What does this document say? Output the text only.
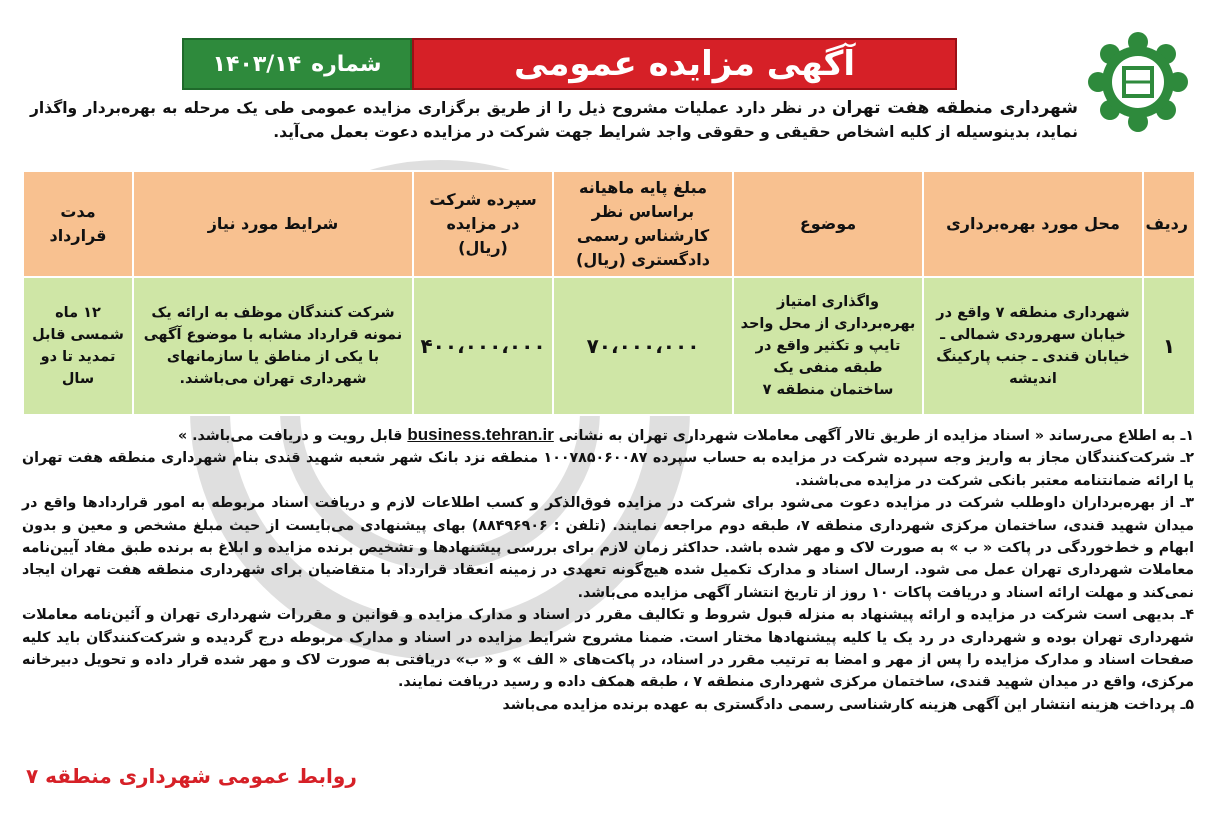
آگهی مزایده عمومی
شماره
۱۴۰۳/۱۴
شهرداری منطقه هفت تهران در نظر دارد عملیات مشروح ذیل را از طریق برگزاری مزایده عمومی طی یک مرحله به بهره‌بردار واگذار نماید، بدینوسیله از کلیه اشخاص حقیقی و حقوقی واجد شرایط جهت شرکت در مزایده دعوت بعمل می‌آید.
ردیف	محل مورد بهره‌برداری	موضوع	مبلغ پایه ماهیانه براساس نظر کارشناس رسمی دادگستری (ریال)	سپرده شرکت در مزایده (ریال)	شرایط مورد نیاز	مدت قرارداد
۱	شهرداری منطقه ۷ واقع در خیابان سهروردی شمالی ـ خیابان قندی ـ جنب پارکینگ اندیشه	واگذاری امتیاز بهره‌برداری از محل واحد تایپ و تکثیر واقع در طبقه منفی یک ساختمان منطقه ۷	۷۰،۰۰۰،۰۰۰	۴۰۰،۰۰۰،۰۰۰	شرکت کنندگان موظف به ارائه یک نمونه قرارداد مشابه با موضوع آگهی با یکی از مناطق یا سازمانهای شهرداری تهران می‌باشند.	۱۲ ماه شمسی قابل تمدید تا دو سال

۱ـ به اطلاع می‌رساند « اسناد مزایده از طریق تالار آگهی معاملات شهرداری تهران به نشانی business.tehran.ir قابل رویت و دریافت می‌باشد. »

۲ـ شرکت‌کنندگان مجاز به واریز وجه سپرده شرکت در مزایده به حساب سپرده ۱۰۰۷۸۵۰۶۰۰۸۷ منطقه نزد بانک شهر شعبه شهید قندی بنام شهرداری منطقه هفت تهران یا ارائه ضمانتنامه معتبر بانکی شرکت در مزایده می‌باشند.

۳ـ از بهره‌برداران داوطلب شرکت در مزایده دعوت می‌شود برای شرکت در مزایده فوق‌الذکر و کسب اطلاعات لازم و دریافت اسناد مربوطه به امور قراردادها واقع در میدان شهید قندی، ساختمان مرکزی شهرداری منطقه ۷، طبقه دوم مراجعه نمایند. (تلفن : ۸۸۴۹۶۹۰۶) بهای پیشنهادی می‌بایست از حیث مبلغ مشخص و معین و بدون ابهام و خط‌خوردگی در پاکت « ب » به صورت لاک و مهر شده باشد. حداکثر زمان لازم برای بررسی پیشنهادها و تشخیص برنده مزایده و ابلاغ به برنده طبق مفاد آیین‌نامه معاملات شهرداری تهران عمل می شود. ارسال اسناد و مدارک تکمیل شده هیچ‌گونه تعهدی در زمینه انعقاد قرارداد با متقاضیان برای شهرداری منطقه هفت تهران ایجاد نمی‌کند و مهلت ارائه اسناد و دریافت پاکات ۱۰ روز از تاریخ انتشار آگهی مزایده می‌باشد.

۴ـ بدیهی است شرکت در مزایده و ارائه پیشنهاد به منزله قبول شروط و تکالیف مقرر در اسناد و مدارک مزایده و قوانین و مقررات شهرداری تهران و آئین‌نامه معاملات شهرداری تهران بوده و شهرداری در رد یک یا کلیه پیشنهادها مختار است. ضمنا مشروح شرایط مزایده در اسناد و مدارک مربوطه درج گردیده و شرکت‌کنندگان باید کلیه صفحات اسناد و مدارک مزایده را پس از مهر و امضا به ترتیب مقرر در اسناد، در پاکت‌های « الف » و « ب» دریافتی به صورت لاک و مهر شده قرار داده و تحویل دبیرخانه مرکزی، واقع در میدان شهید قندی، ساختمان مرکزی شهرداری منطقه ۷ ، طبقه همکف داده و رسید دریافت نمایند.

۵ـ پرداخت هزینه انتشار این آگهی هزینه کارشناسی رسمی دادگستری به عهده برنده مزایده می‌باشد

روابط عمومی شهرداری منطقه ۷
